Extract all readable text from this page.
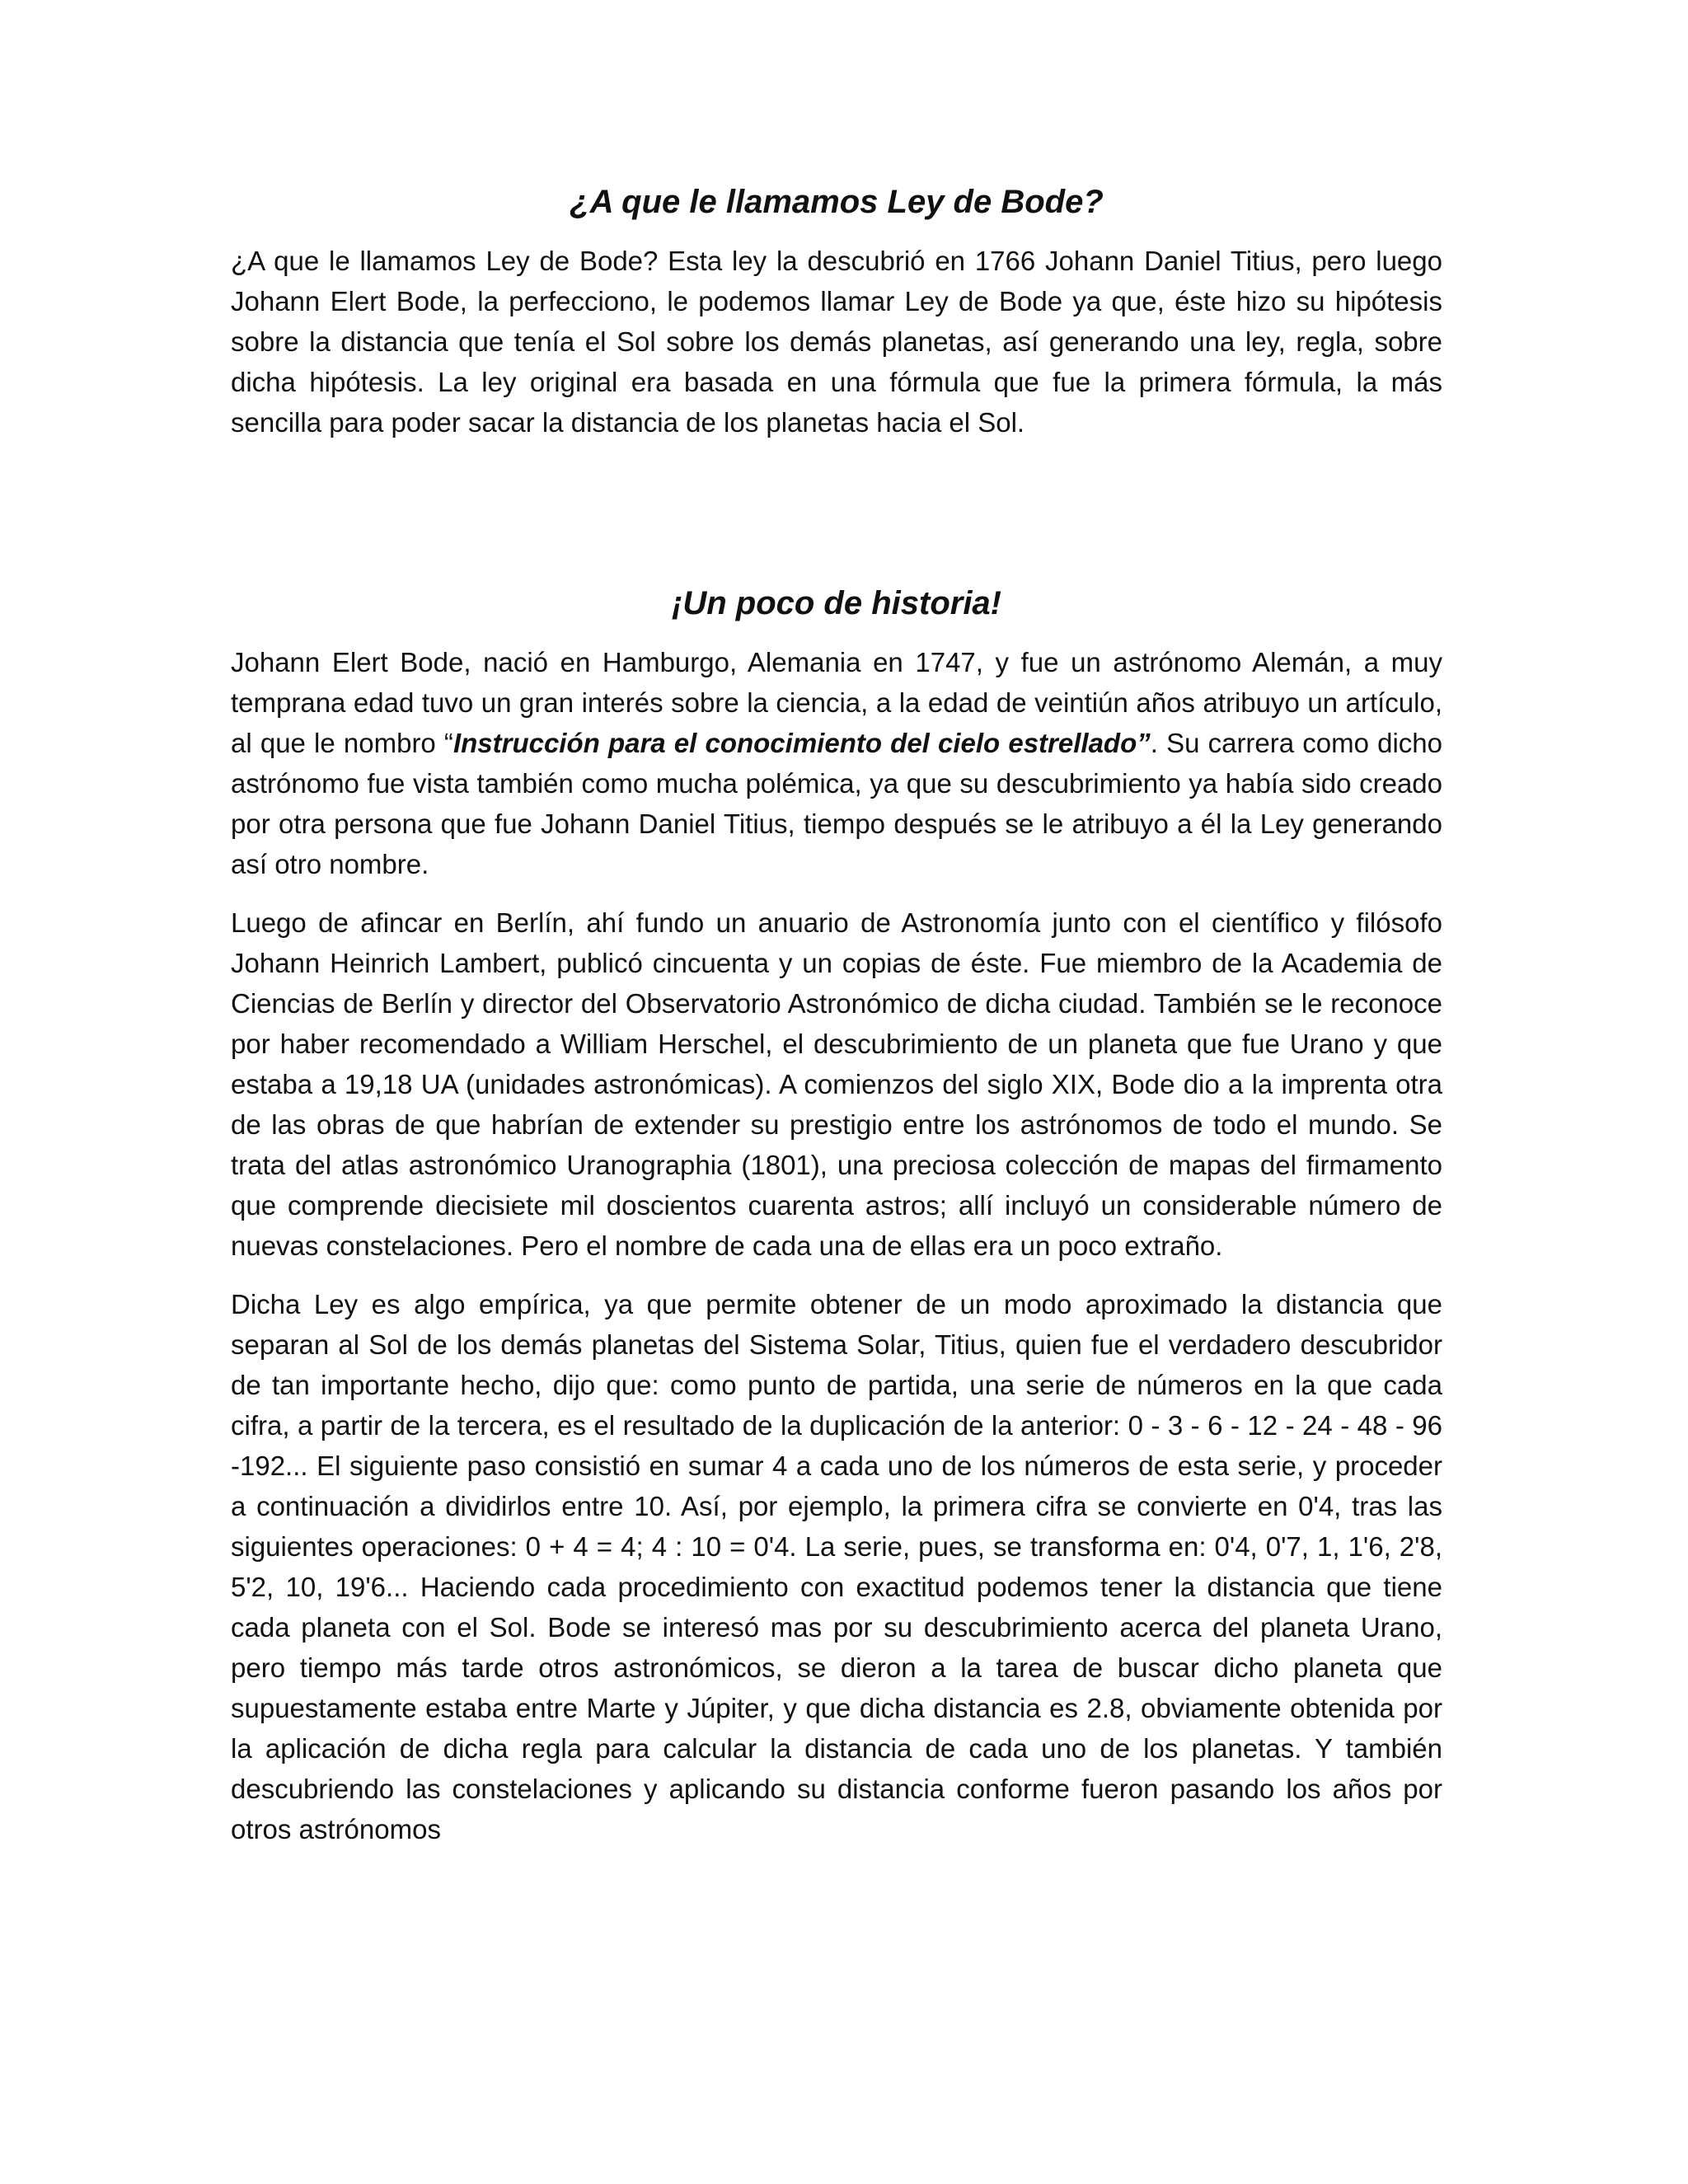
¿A que le llamamos Ley de Bode?

¿A que le llamamos Ley de Bode? Esta ley la descubrió en 1766 Johann Daniel Titius, pero luego Johann Elert Bode, la perfecciono, le podemos llamar Ley de Bode ya que, éste hizo su hipótesis sobre la distancia que tenía el Sol sobre los demás planetas, así generando una ley, regla, sobre dicha hipótesis. La ley original era basada en una fórmula que fue la primera fórmula, la más sencilla para poder sacar la distancia de los planetas hacia el Sol.

¡Un poco de historia!

Johann Elert Bode, nació en Hamburgo, Alemania en 1747, y fue un astrónomo Alemán, a muy temprana edad tuvo un gran interés sobre la ciencia, a la edad de veintiún años atribuyo un artículo, al que le nombro “Instrucción para el conocimiento del cielo estrellado”. Su carrera como dicho astrónomo fue vista también como mucha polémica, ya que su descubrimiento ya había sido creado por otra persona que fue Johann Daniel Titius, tiempo después se le atribuyo a él la Ley generando así otro nombre.

Luego de afincar en Berlín, ahí fundo un anuario de Astronomía junto con el científico y filósofo Johann Heinrich Lambert, publicó cincuenta y un copias de éste. Fue miembro de la Academia de Ciencias de Berlín y director del Observatorio Astronómico de dicha ciudad. También se le reconoce por haber recomendado a William Herschel, el descubrimiento de un planeta que fue Urano y que estaba a 19,18 UA (unidades astronómicas). A comienzos del siglo XIX, Bode dio a la imprenta otra de las obras de que habrían de extender su prestigio entre los astrónomos de todo el mundo. Se trata del atlas astronómico Uranographia (1801), una preciosa colección de mapas del firmamento que comprende diecisiete mil doscientos cuarenta astros; allí incluyó un considerable número de nuevas constelaciones. Pero el nombre de cada una de ellas era un poco extraño.

Dicha Ley es algo empírica, ya que permite obtener de un modo aproximado la distancia que separan al Sol de los demás planetas del Sistema Solar, Titius, quien fue el verdadero descubridor de tan importante hecho, dijo que: como punto de partida, una serie de números en la que cada cifra, a partir de la tercera, es el resultado de la duplicación de la anterior: 0 - 3 - 6 - 12 - 24 - 48 - 96 -192... El siguiente paso consistió en sumar 4 a cada uno de los números de esta serie, y proceder a continuación a dividirlos entre 10. Así, por ejemplo, la primera cifra se convierte en 0'4, tras las siguientes operaciones: 0 + 4 = 4; 4 : 10 = 0'4. La serie, pues, se transforma en: 0'4, 0'7, 1, 1'6, 2'8, 5'2, 10, 19'6... Haciendo cada procedimiento con exactitud podemos tener la distancia que tiene cada planeta con el Sol. Bode se interesó mas por su descubrimiento acerca del planeta Urano, pero tiempo más tarde otros astronómicos, se dieron a la tarea de buscar dicho planeta que supuestamente estaba entre Marte y Júpiter, y que dicha distancia es 2.8, obviamente obtenida por la aplicación de dicha regla para calcular la distancia de cada uno de los planetas. Y también descubriendo las constelaciones y aplicando su distancia conforme fueron pasando los años por otros astrónomos
